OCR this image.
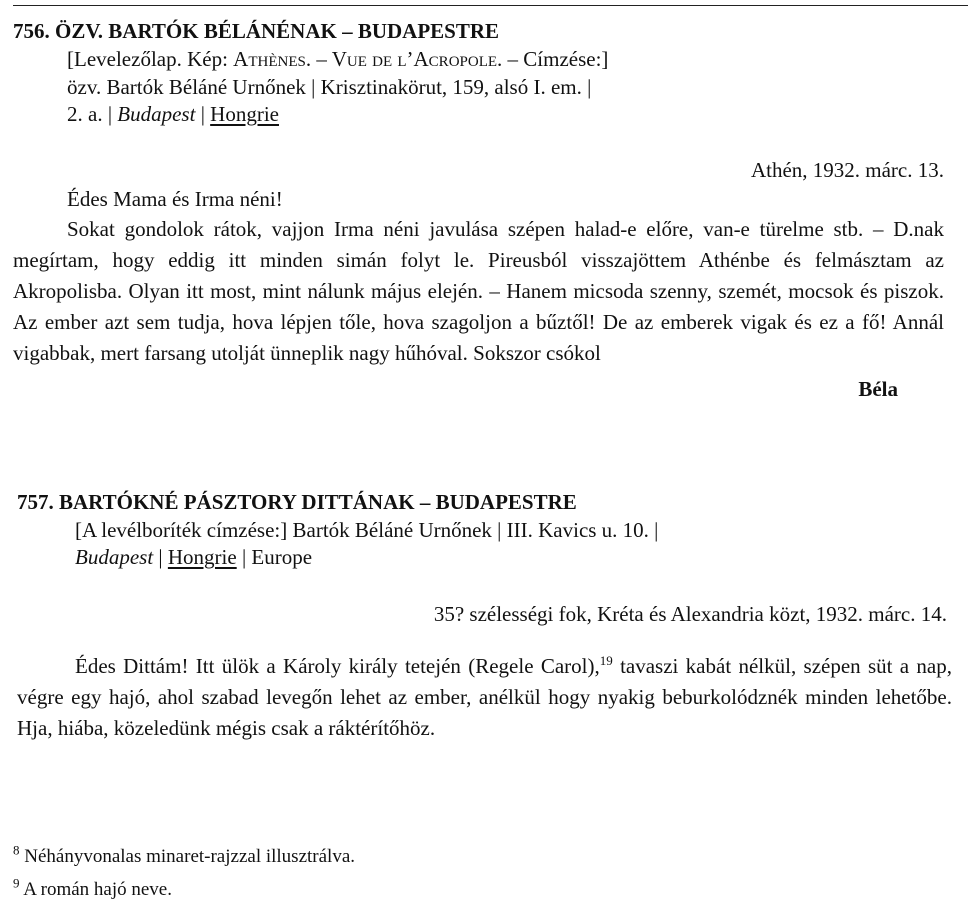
756. ÖZV. BARTÓK BÉLÁNÉNAK – BUDAPESTRE
[Levelezőlap. Kép: Athènes. – Vue de l’Acropole. – Címzése:]
özv. Bartók Béláné Urnőnek | Krisztinakörut, 159, alsó I. em. |
2. a. | Budapest | Hongrie
Athén, 1932. márc. 13.
Édes Mama és Irma néni!
Sokat gondolok rátok, vajjon Irma néni javulása szépen halad-e előre, van-e türelme stb. – D.nak megírtam, hogy eddig itt minden simán folyt le. Pireusból visszajöttem Athénbe és felmásztam az Akropolisba. Olyan itt most, mint nálunk május elején. – Hanem micsoda szenny, szemét, mocsok és piszok. Az ember azt sem tudja, hova lépjen tőle, hova szagoljon a bűztől! De az emberek vigak és ez a fő! Annál vigabbak, mert farsang utolját ünneplik nagy hűhóval. Sokszor csókol
Béla
757. BARTÓKNÉ PÁSZTORY DITTÁNAK – BUDAPESTRE
[A levélboríték címzése:] Bartók Béláné Urnőnek | III. Kavics u. 10. |
Budapest | Hongrie | Europe
35? szélességi fok, Kréta és Alexandria közt, 1932. márc. 14.
Édes Dittám! Itt ülök a Károly király tetején (Regele Carol),$^{19}$ tavaszi kabát nélkül, szépen süt a nap, végre egy hajó, ahol szabad levegőn lehet az ember, anélkül hogy nyakig beburkolódznék minden lehetőbe. Hja, hiába, közeledünk mégis csak a ráktérítőhöz.
$^8$ Néhányvonalas minaret-rajzzal illusztrálva.
$^9$ A román hajó neve.
